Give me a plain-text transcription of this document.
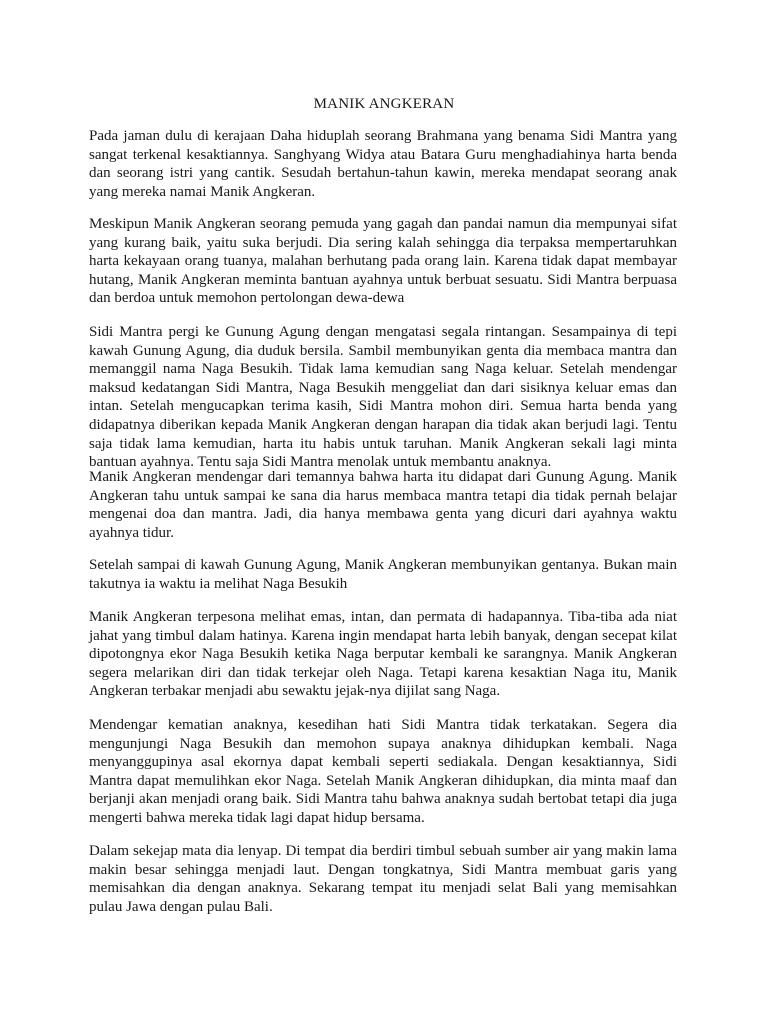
MANIK ANGKERAN
Pada jaman dulu di kerajaan Daha hiduplah seorang Brahmana yang benama Sidi Mantra yang
sangat terkenal kesaktiannya. Sanghyang Widya atau Batara Guru menghadiahinya harta benda
dan seorang istri yang cantik. Sesudah bertahun-tahun kawin, mereka mendapat seorang anak
yang mereka namai Manik Angkeran.
Meskipun Manik Angkeran seorang pemuda yang gagah dan pandai namun dia mempunyai sifat
yang kurang baik, yaitu suka berjudi. Dia sering kalah sehingga dia terpaksa mempertaruhkan
harta kekayaan orang tuanya, malahan berhutang pada orang lain. Karena tidak dapat membayar
hutang, Manik Angkeran meminta bantuan ayahnya untuk berbuat sesuatu. Sidi Mantra berpuasa
dan berdoa untuk memohon pertolongan dewa-dewa
Sidi Mantra pergi ke Gunung Agung dengan mengatasi segala rintangan. Sesampainya di tepi
kawah Gunung Agung, dia duduk bersila. Sambil membunyikan genta dia membaca mantra dan
memanggil nama Naga Besukih. Tidak lama kemudian sang Naga keluar. Setelah mendengar
maksud kedatangan Sidi Mantra, Naga Besukih menggeliat dan dari sisiknya keluar emas dan
intan. Setelah mengucapkan terima kasih, Sidi Mantra mohon diri. Semua harta benda yang
didapatnya diberikan kepada Manik Angkeran dengan harapan dia tidak akan berjudi lagi. Tentu
saja tidak lama kemudian, harta itu habis untuk taruhan. Manik Angkeran sekali lagi minta
bantuan ayahnya. Tentu saja Sidi Mantra menolak untuk membantu anaknya.
Manik Angkeran mendengar dari temannya bahwa harta itu didapat dari Gunung Agung. Manik
Angkeran tahu untuk sampai ke sana dia harus membaca mantra tetapi dia tidak pernah belajar
mengenai doa dan mantra. Jadi, dia hanya membawa genta yang dicuri dari ayahnya waktu
ayahnya tidur.
Setelah sampai di kawah Gunung Agung, Manik Angkeran membunyikan gentanya. Bukan main
takutnya ia waktu ia melihat Naga Besukih
Manik Angkeran terpesona melihat emas, intan, dan permata di hadapannya. Tiba-tiba ada niat
jahat yang timbul dalam hatinya. Karena ingin mendapat harta lebih banyak, dengan secepat kilat
dipotongnya ekor Naga Besukih ketika Naga berputar kembali ke sarangnya. Manik Angkeran
segera melarikan diri dan tidak terkejar oleh Naga. Tetapi karena kesaktian Naga itu, Manik
Angkeran terbakar menjadi abu sewaktu jejak-nya dijilat sang Naga.
Mendengar kematian anaknya, kesedihan hati Sidi Mantra tidak terkatakan. Segera dia
mengunjungi Naga Besukih dan memohon supaya anaknya dihidupkan kembali. Naga
menyanggupinya asal ekornya dapat kembali seperti sediakala. Dengan kesaktiannya, Sidi
Mantra dapat memulihkan ekor Naga. Setelah Manik Angkeran dihidupkan, dia minta maaf dan
berjanji akan menjadi orang baik. Sidi Mantra tahu bahwa anaknya sudah bertobat tetapi dia juga
mengerti bahwa mereka tidak lagi dapat hidup bersama.
Dalam sekejap mata dia lenyap. Di tempat dia berdiri timbul sebuah sumber air yang makin lama
makin besar sehingga menjadi laut. Dengan tongkatnya, Sidi Mantra membuat garis yang
memisahkan dia dengan anaknya. Sekarang tempat itu menjadi selat Bali yang memisahkan
pulau Jawa dengan pulau Bali.
